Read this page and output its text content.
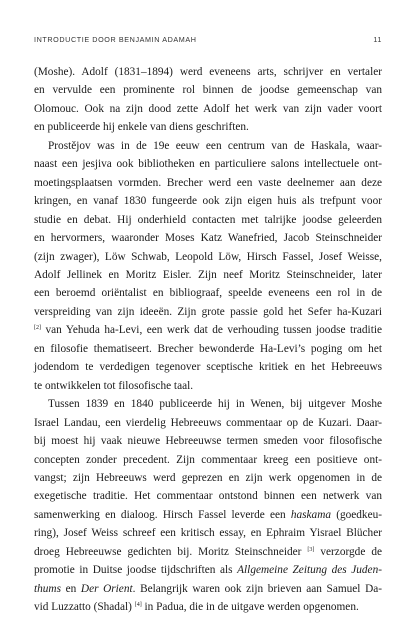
INTRODUCTIE DOOR BENJAMIN ADAMAH	11

(Moshe). Adolf (1831–1894) werd eveneens arts, schrijver en vertaler
en vervulde een prominente rol binnen de joodse gemeenschap van
Olomouc. Ook na zijn dood zette Adolf het werk van zijn vader voort
en publiceerde hij enkele van diens geschriften.

Prostějov was in de 19e eeuw een centrum van de Haskala, waar-
naast een jesjiva ook bibliotheken en particuliere salons intellectuele ont-
moetingsplaatsen vormden. Brecher werd een vaste deelnemer aan deze
kringen, en vanaf 1830 fungeerde ook zijn eigen huis als trefpunt voor
studie en debat. Hij onderhield contacten met talrijke joodse geleerden
en hervormers, waaronder Moses Katz Wanefried, Jacob Steinschneider
(zijn zwager), Löw Schwab, Leopold Löw, Hirsch Fassel, Josef Weisse,
Adolf Jellinek en Moritz Eisler. Zijn neef Moritz Steinschneider, later
een beroemd oriëntalist en bibliograaf, speelde eveneens een rol in de
verspreiding van zijn ideeën. Zijn grote passie gold het Sefer ha-Kuzari
[2] van Yehuda ha-Levi, een werk dat de verhouding tussen joodse traditie
en filosofie thematiseert. Brecher bewonderde Ha-Levi’s poging om het
jodendom te verdedigen tegenover sceptische kritiek en het Hebreeuws
te ontwikkelen tot filosofische taal.

Tussen 1839 en 1840 publiceerde hij in Wenen, bij uitgever Moshe
Israel Landau, een vierdelig Hebreeuws commentaar op de Kuzari. Daar-
bij moest hij vaak nieuwe Hebreeuwse termen smeden voor filosofische
concepten zonder precedent. Zijn commentaar kreeg een positieve ont-
vangst; zijn Hebreeuws werd geprezen en zijn werk opgenomen in de
exegetische traditie. Het commentaar ontstond binnen een netwerk van
samenwerking en dialoog. Hirsch Fassel leverde een haskama (goedkeu-
ring), Josef Weiss schreef een kritisch essay, en Ephraim Yisrael Blücher
droeg Hebreeuwse gedichten bij. Moritz Steinschneider [3] verzorgde de
promotie in Duitse joodse tijdschriften als Allgemeine Zeitung des Juden-
thums en Der Orient. Belangrijk waren ook zijn brieven aan Samuel Da-
vid Luzzatto (Shadal) [4] in Padua, die in de uitgave werden opgenomen.
